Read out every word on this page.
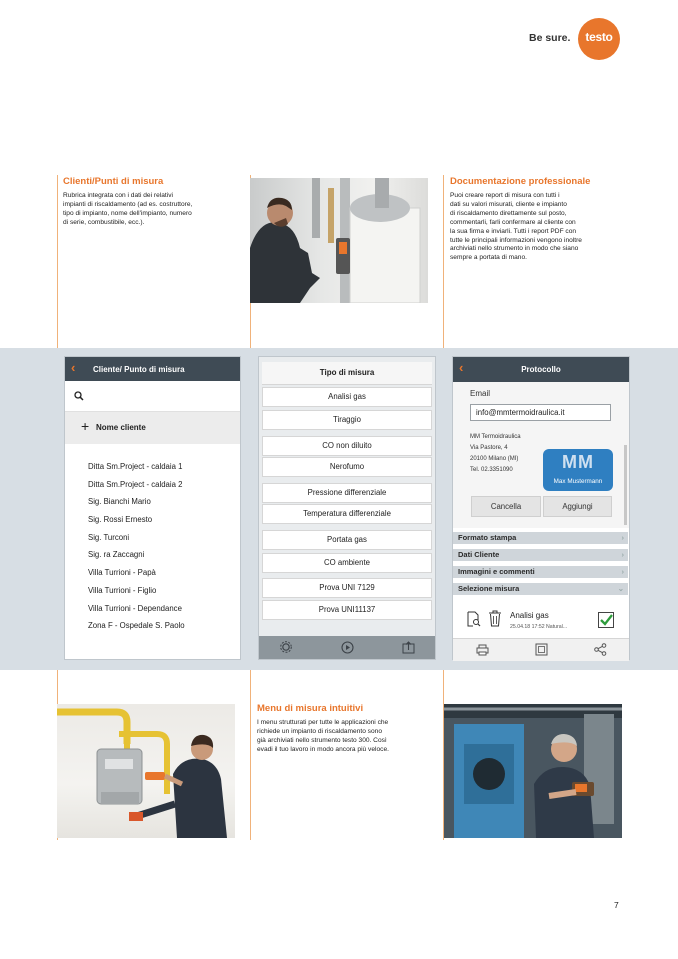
Be sure.	testo
Clienti/Punti di misura
Rubrica integrata con i dati dei relativi
impianti di riscaldamento (ad es. costruttore,
tipo di impianto, nome dell'impianto, numero
di serie, combustibile, ecc.).
Documentazione professionale
Puoi creare report di misura con tutti i
dati su valori misurati, cliente e impianto
di riscaldamento direttamente sul posto,
commentarli, farli confermare al cliente con
la sua firma e inviarli. Tutti i report PDF con
tutte le principali informazioni vengono inoltre
archiviati nello strumento in modo che siano
sempre a portata di mano.
‹ Cliente/ Punto di misura
+ Nome cliente
Ditta Sm.Project - caldaia 1
Ditta Sm.Project - caldaia 2
Sig. Bianchi Mario
Sig. Rossi Ernesto
Sig. Turconi
Sig. ra Zaccagni
Villa Turrioni - Papà
Villa Turrioni - Figlio
Villa Turrioni - Dependance
Zona F - Ospedale S. Paolo
Tipo di misura
Analisi gas
Tiraggio
CO non diluito
Nerofumo
Pressione differenziale
Temperatura differenziale
Portata gas
CO ambiente
Prova UNI 7129
Prova UNI11137
‹	Protocollo
Email
info@mmtermoidraulica.it
MM Termoidraulica
Via Pastore, 4
20100 Milano (MI)
Tel. 02.3351090	MM
Max Mustermann
Cancella	Aggiungi
Formato stampa	›
Dati Cliente	›
Immagini e commenti	›
Selezione misura	⌄
Analisi gas
25.04.18 17:52 Natural...
Menu di misura intuitivi
I menu strutturati per tutte le applicazioni che
richiede un impianto di riscaldamento sono
già archiviati nello strumento testo 300. Così
evadi il tuo lavoro in modo ancora più veloce.
7
